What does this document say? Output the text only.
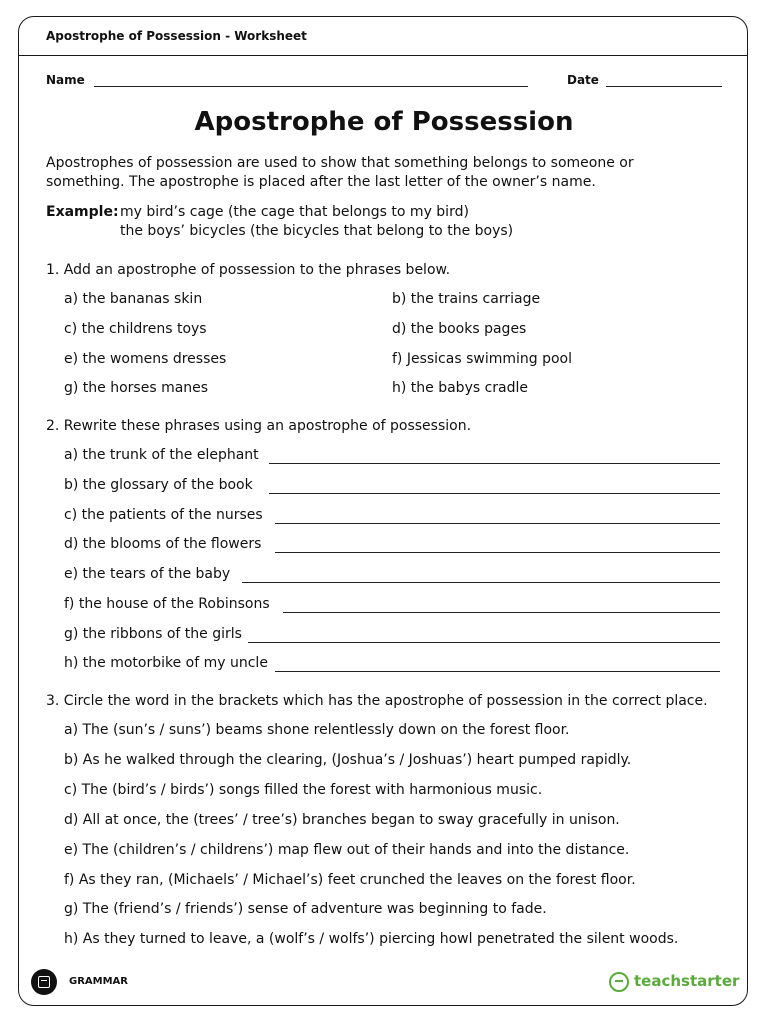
Apostrophe of Possession - Worksheet
Name	Date
Apostrophe of Possession
Apostrophes of possession are used to show that something belongs to someone or something. The apostrophe is placed after the last letter of the owner’s name.
Example: my bird’s cage (the cage that belongs to my bird)
the boys’ bicycles (the bicycles that belong to the boys)
1. Add an apostrophe of possession to the phrases below.
a) the bananas skin	b) the trains carriage
c) the childrens toys	d) the books pages
e) the womens dresses	f) Jessicas swimming pool
g) the horses manes	h) the babys cradle
2. Rewrite these phrases using an apostrophe of possession.
a) the trunk of the elephant
b) the glossary of the book
c) the patients of the nurses
d) the blooms of the flowers
e) the tears of the baby
f) the house of the Robinsons
g) the ribbons of the girls
h) the motorbike of my uncle
3. Circle the word in the brackets which has the apostrophe of possession in the correct place.
a) The (sun’s / suns’) beams shone relentlessly down on the forest floor.
b) As he walked through the clearing, (Joshua’s / Joshuas’) heart pumped rapidly.
c) The (bird’s / birds’) songs filled the forest with harmonious music.
d) All at once, the (trees’ / tree’s) branches began to sway gracefully in unison.
e) The (children’s / childrens’) map flew out of their hands and into the distance.
f) As they ran, (Michaels’ / Michael’s) feet crunched the leaves on the forest floor.
g) The (friend’s / friends’) sense of adventure was beginning to fade.
h) As they turned to leave, a (wolf’s / wolfs’) piercing howl penetrated the silent woods.
GRAMMAR	teachstarter
